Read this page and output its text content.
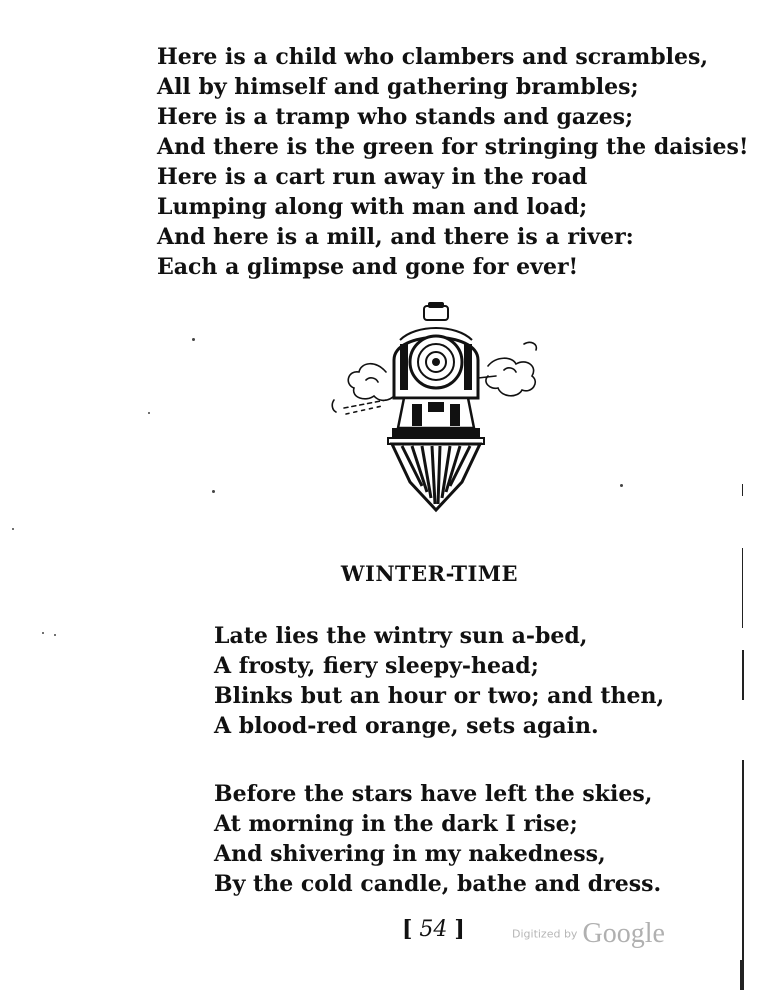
Here is a child who clambers and scrambles,
All by himself and gathering brambles;
Here is a tramp who stands and gazes;
And there is the green for stringing the daisies!
Here is a cart run away in the road
Lumping along with man and load;
And here is a mill, and there is a river:
Each a glimpse and gone for ever!
WINTER-TIME
Late lies the wintry sun a-bed,
A frosty, fiery sleepy-head;
Blinks but an hour or two; and then,
A blood-red orange, sets again.
Before the stars have left the skies,
At morning in the dark I rise;
And shivering in my nakedness,
By the cold candle, bathe and dress.
[ 54 ]	Digitized by Google
